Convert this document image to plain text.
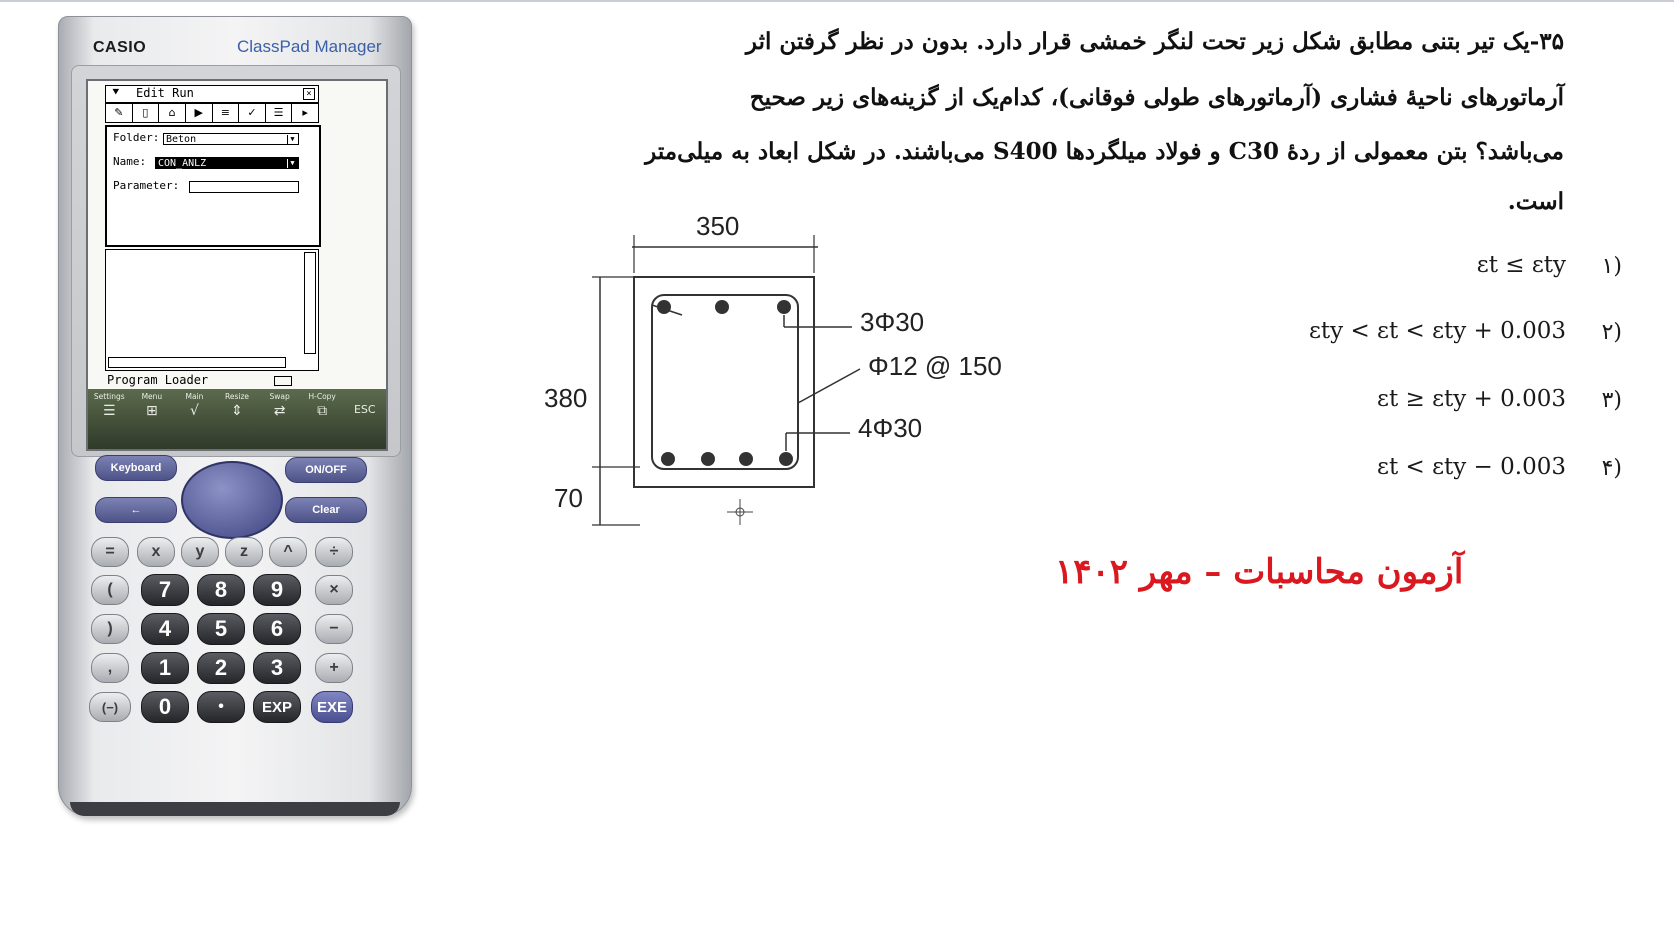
CASIO	ClassPad Manager
⯆ Edit Run	×
✎	▯	⌂	▶	≡	✓	☰	▸
Folder: Beton	▼
Name:	CON_ANLZ	▼
Parameter:
Program Loader
Settings
☰
Menu
⊞
Main
√
Resize
⇕
Swap
⇄
H-Copy
⧉	ESC
Keyboard	ON/OFF
←	Clear
=	x	y	z	^	÷
(	7	8	9	×
)	4	5	6	−
,	1	2	3	+
(−)	0	•	EXP	EXE
۳۵-یک تیر بتنی مطابق شکل زیر تحت لنگر خمشی قرار دارد. بدون در نظر گرفتن اثر
آرماتورهای ناحیهٔ فشاری (آرماتورهای طولی فوقانی)، کدام‌یک از گزینه‌های زیر صحیح
می‌باشد؟ بتن معمولی از ردهٔ C30 و فولاد میلگردها S400 می‌باشند. در شکل ابعاد به میلی‌متر
است.
۱)
εt ≤ εty
۲)
εty < εt < εty + 0.003
۳)
εt ≥ εty + 0.003
۴)
εt < εty − 0.003
350
380
70
3Φ30
Φ12 @ 150
4Φ30
آزمون محاسبات – مهر ۱۴۰۲
